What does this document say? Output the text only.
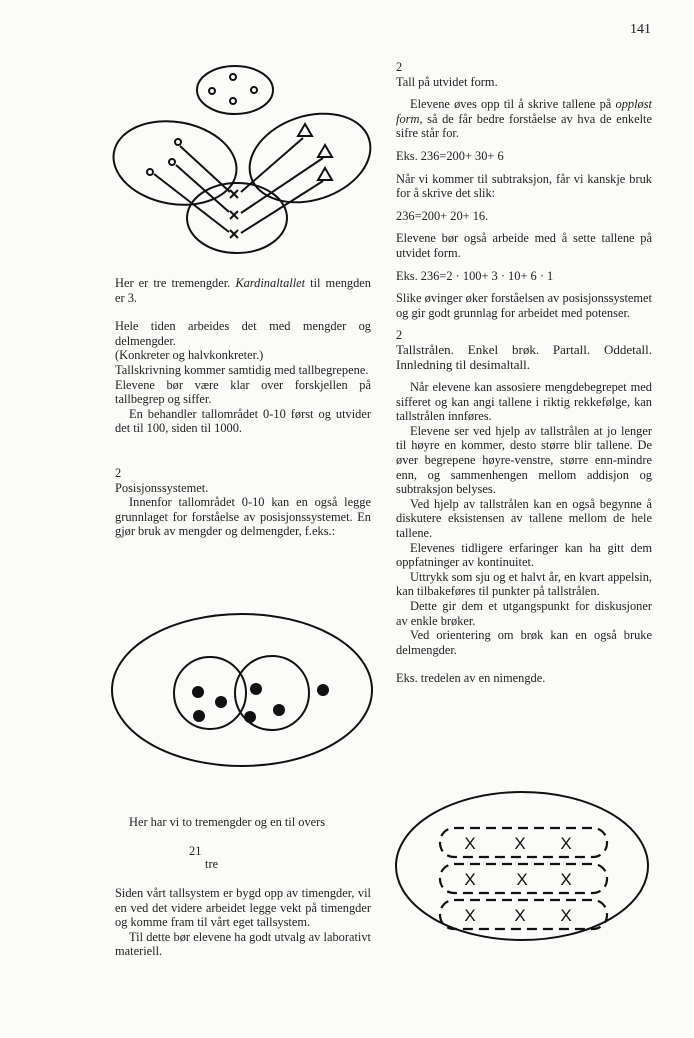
141

Her er tre tremengder. Kardinaltallet til mengden er 3.

Hele tiden arbeides det med mengder og delmengder.

(Konkreter og halvkonkreter.)

Tallskrivning kommer samtidig med tallbegrepene.

Elevene bør være klar over forskjellen på tallbegrep og siffer.

En behandler tallområdet 0-10 først og utvider det til 100, siden til 1000.

2

Posisjonssystemet.

Innenfor tallområdet 0-10 kan en også legge grunnlaget for forståelse av posisjonssystemet. En gjør bruk av mengder og delmengder, f.eks.:

Her har vi to tremengder og en til overs
21
tre

Siden vårt tallsystem er bygd opp av timengder, vil en ved det videre arbeidet legge vekt på timengder og komme fram til vårt eget tallsystem.

Til dette bør elevene ha godt utvalg av laborativt materiell.

2

Tall på utvidet form.

Elevene øves opp til å skrive tallene på oppløst form, så de får bedre forståelse av hva de enkelte sifre står for.

Eks. 236=200+ 30+ 6

Når vi kommer til subtraksjon, får vi kanskje bruk for å skrive det slik:

236=200+ 20+ 16.

Elevene bør også arbeide med å sette tallene på utvidet form.

Eks. 236=2 · 100+ 3 · 10+ 6 · 1

Slike øvinger øker forståelsen av posisjonssystemet og gir godt grunnlag for arbeidet med potenser.

2

Tallstrålen. Enkel brøk. Partall. Oddetall. Innledning til desimaltall.

Når elevene kan assosiere mengdebegrepet med sifferet og kan angi tallene i riktig rekkefølge, kan tallstrålen innføres.

Elevene ser ved hjelp av tallstrålen at jo lenger til høyre en kommer, desto større blir tallene. De øver begrepene høyre-venstre, større enn-mindre enn, og sammenhengen mellom addisjon og subtraksjon belyses.

Ved hjelp av tallstrålen kan en også begynne å diskutere eksistensen av tallene mellom de hele tallene.

Elevenes tidligere erfaringer kan ha gitt dem oppfatninger av kontinuitet.

Uttrykk som sju og et halvt år, en kvart appelsin, kan tilbakeføres til punkter på tallstrålen.

Dette gir dem et utgangspunkt for diskusjoner av enkle brøker.

Ved orientering om brøk kan en også bruke delmengder.

Eks. tredelen av en nimengde.

X X X
X X X
X X X
